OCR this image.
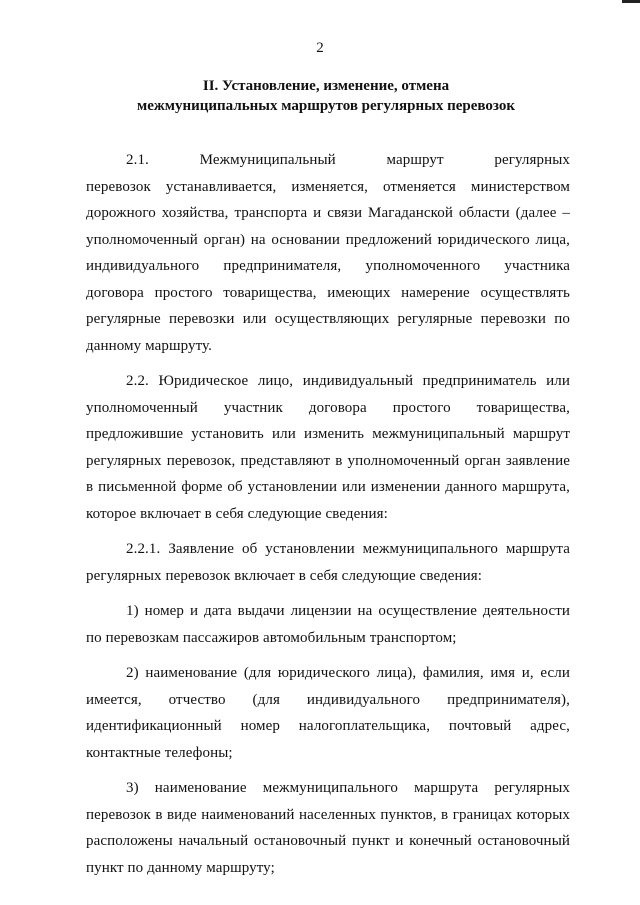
2
II. Установление, изменение, отмена
межмуниципальных маршрутов регулярных перевозок

2.1.      Межмуниципальный      маршрут      регулярных      перевозок устанавливается, изменяется, отменяется министерством дорожного хозяйства, транспорта и связи Магаданской области (далее – уполномоченный орган) на основании предложений юридического лица, индивидуального предпринимателя, уполномоченного участника договора простого товарищества, имеющих намерение осуществлять регулярные перевозки или осуществляющих регулярные перевозки по данному маршруту.

2.2. Юридическое лицо, индивидуальный предприниматель или уполномоченный участник договора простого товарищества, предложившие установить или изменить межмуниципальный маршрут регулярных перевозок, представляют в уполномоченный орган заявление в письменной форме об установлении или изменении данного маршрута, которое включает в себя следующие сведения:

2.2.1. Заявление об установлении межмуниципального маршрута регулярных перевозок включает в себя следующие сведения:

1) номер и дата выдачи лицензии на осуществление деятельности по перевозкам пассажиров автомобильным транспортом;

2) наименование (для юридического лица), фамилия, имя и, если имеется, отчество (для индивидуального предпринимателя), идентификационный номер налогоплательщика, почтовый адрес, контактные телефоны;

3) наименование межмуниципального маршрута регулярных перевозок в виде наименований населенных пунктов, в границах которых расположены начальный остановочный пункт и конечный остановочный пункт по данному маршруту;
